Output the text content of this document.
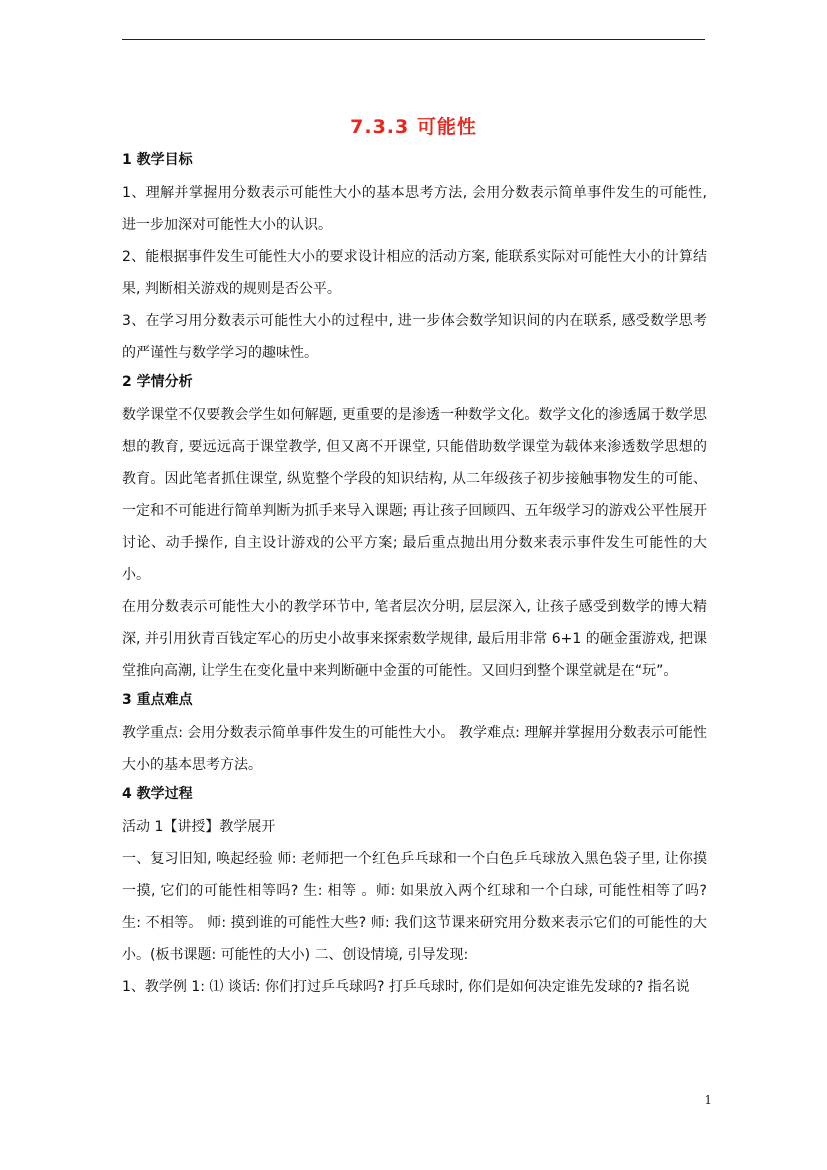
7.3.3 可能性
1 教学目标

1、理解并掌握用分数表示可能性大小的基本思考方法, 会用分数表示简单事件发生的可能性, 进一步加深对可能性大小的认识。

2、能根据事件发生可能性大小的要求设计相应的活动方案, 能联系实际对可能性大小的计算结果, 判断相关游戏的规则是否公平。

3、在学习用分数表示可能性大小的过程中, 进一步体会数学知识间的内在联系, 感受数学思考的严谨性与数学学习的趣味性。

2 学情分析

数学课堂不仅要教会学生如何解题, 更重要的是渗透一种数学文化。数学文化的渗透属于数学思想的教育, 要远远高于课堂教学, 但又离不开课堂, 只能借助数学课堂为载体来渗透数学思想的教育。因此笔者抓住课堂, 纵览整个学段的知识结构, 从二年级孩子初步接触事物发生的可能、一定和不可能进行简单判断为抓手来导入课题; 再让孩子回顾四、五年级学习的游戏公平性展开讨论、动手操作, 自主设计游戏的公平方案; 最后重点抛出用分数来表示事件发生可能性的大小。

在用分数表示可能性大小的教学环节中, 笔者层次分明, 层层深入, 让孩子感受到数学的博大精深, 并引用狄青百钱定军心的历史小故事来探索数学规律, 最后用非常 6+1 的砸金蛋游戏, 把课堂推向高潮, 让学生在变化量中来判断砸中金蛋的可能性。又回归到整个课堂就是在“玩”。

3 重点难点

教学重点: 会用分数表示简单事件发生的可能性大小。 教学难点: 理解并掌握用分数表示可能性大小的基本思考方法。

4 教学过程

活动 1【讲授】教学展开

一、复习旧知, 唤起经验 师: 老师把一个红色乒乓球和一个白色乒乓球放入黑色袋子里, 让你摸一摸, 它们的可能性相等吗? 生: 相等 。师: 如果放入两个红球和一个白球, 可能性相等了吗? 生: 不相等。 师: 摸到谁的可能性大些? 师: 我们这节课来研究用分数来表示它们的可能性的大小。(板书课题: 可能性的大小) 二、创设情境, 引导发现:

1、教学例 1: ⑴ 谈话: 你们打过乒乓球吗? 打乒乓球时, 你们是如何决定谁先发球的? 指名说

1
